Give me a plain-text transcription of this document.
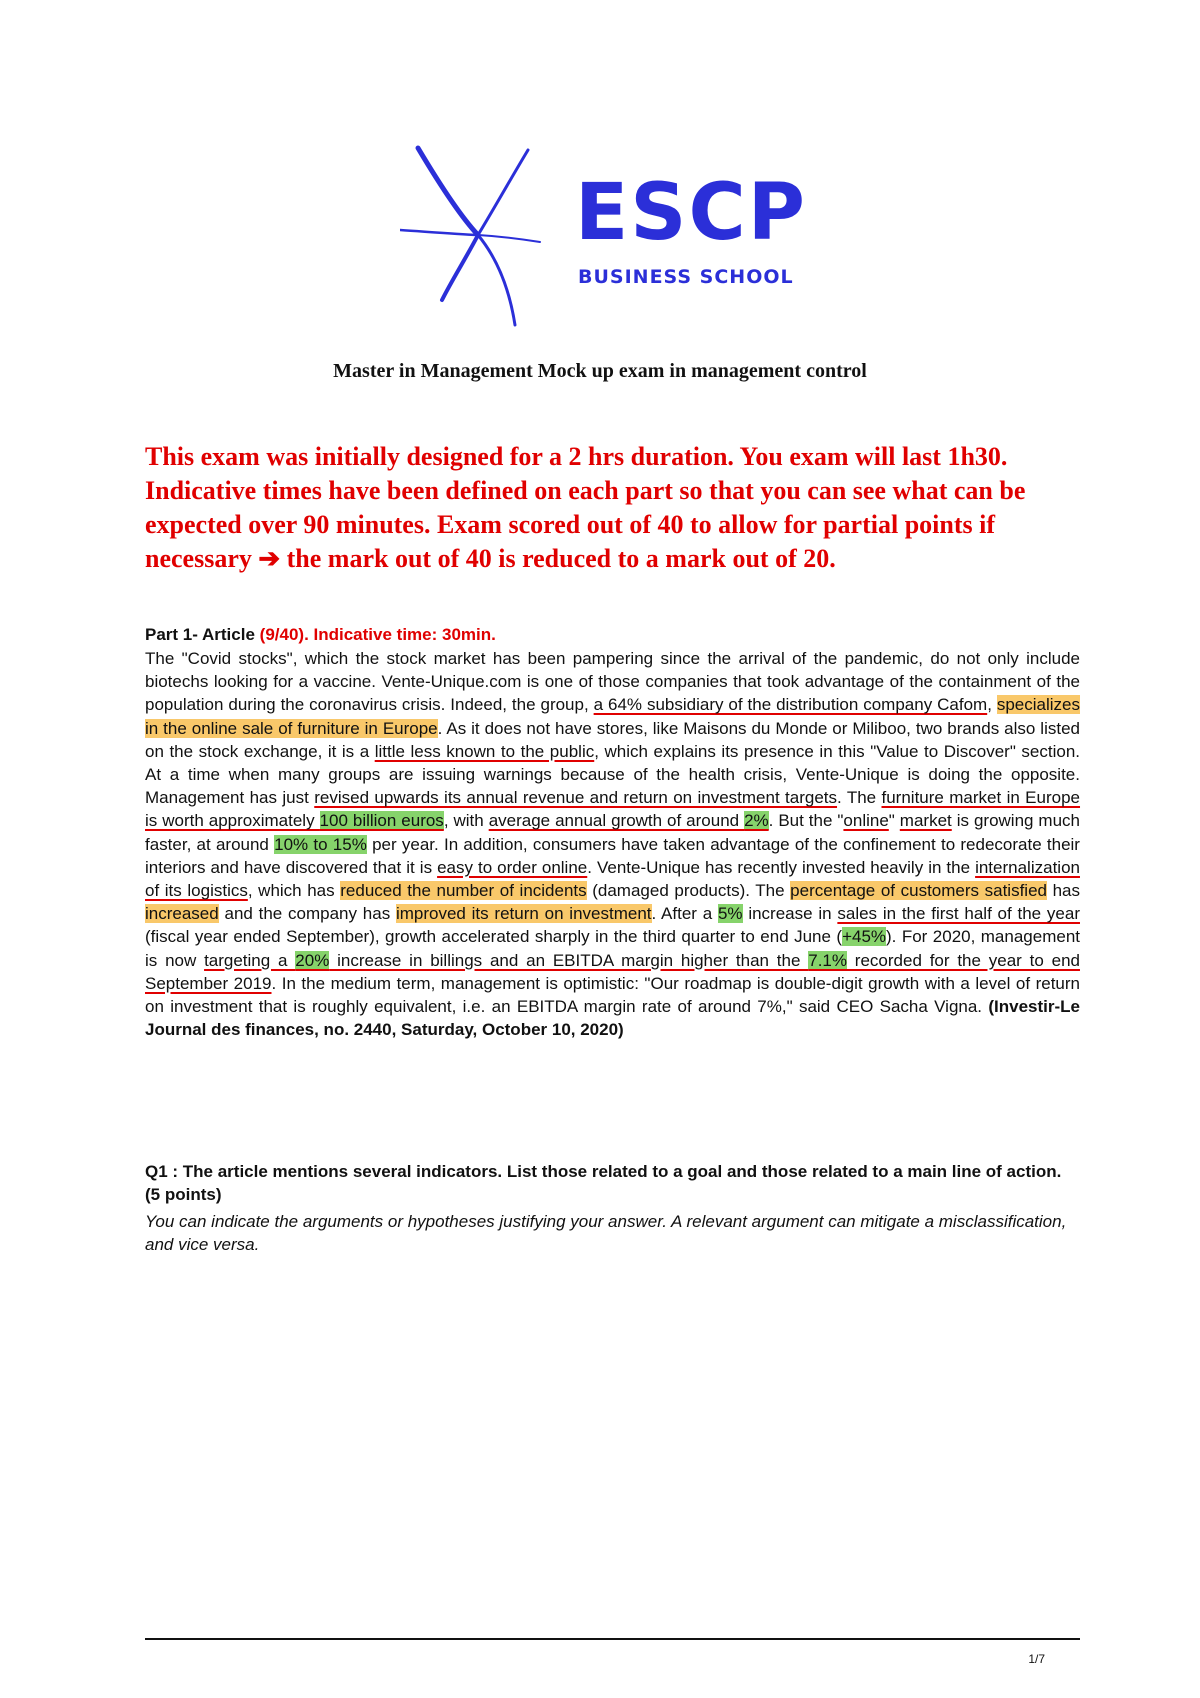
ESCP
BUSINESS SCHOOL
Master in Management Mock up exam in management control
This exam was initially designed for a 2 hrs duration. You exam will last 1h30. Indicative times have been defined on each part so that you can see what can be expected over 90 minutes. Exam scored out of 40 to allow for partial points if necessary ➔ the mark out of 40 is reduced to a mark out of 20.
Part 1- Article (9/40). Indicative time: 30min.
The "Covid stocks", which the stock market has been pampering since the arrival of the pandemic, do not only include biotechs looking for a vaccine. Vente-Unique.com is one of those companies that took advantage of the containment of the population during the coronavirus crisis. Indeed, the group, a 64% subsidiary of the distribution company Cafom, specializes in the online sale of furniture in Europe. As it does not have stores, like Maisons du Monde or Miliboo, two brands also listed on the stock exchange, it is a little less known to the public, which explains its presence in this "Value to Discover" section. At a time when many groups are issuing warnings because of the health crisis, Vente-Unique is doing the opposite. Management has just revised upwards its annual revenue and return on investment targets. The furniture market in Europe is worth approximately 100 billion euros, with average annual growth of around 2%. But the "online" market is growing much faster, at around 10% to 15% per year. In addition, consumers have taken advantage of the confinement to redecorate their interiors and have discovered that it is easy to order online. Vente-Unique has recently invested heavily in the internalization of its logistics, which has reduced the number of incidents (damaged products). The percentage of customers satisfied has increased and the company has improved its return on investment. After a 5% increase in sales in the first half of the year (fiscal year ended September), growth accelerated sharply in the third quarter to end June (+45%). For 2020, management is now targeting a 20% increase in billings and an EBITDA margin higher than the 7.1% recorded for the year to end September 2019. In the medium term, management is optimistic: "Our roadmap is double-digit growth with a level of return on investment that is roughly equivalent, i.e. an EBITDA margin rate of around 7%," said CEO Sacha Vigna. (Investir-Le Journal des finances, no. 2440, Saturday, October 10, 2020)
Q1 : The article mentions several indicators. List those related to a goal and those related to a main line of action. (5 points)
You can indicate the arguments or hypotheses justifying your answer. A relevant argument can mitigate a misclassification, and vice versa.
1/7
